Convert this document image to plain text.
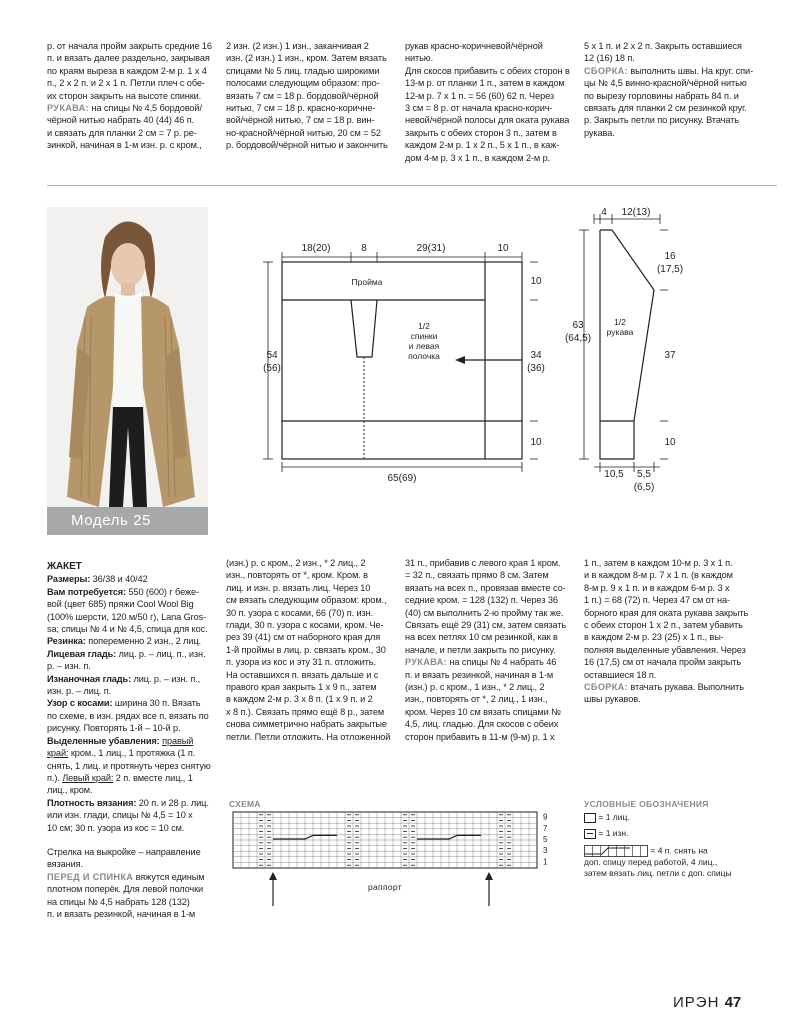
р. от начала пройм закрыть средние 16

п. и вязать далее раздельно, закрывая

по краям выреза в каждом 2-м р. 1 х 4

п., 2 х 2 п. и 2 х 1 п. Петли плеч с обе-

их сторон закрыть на высоте спинки.

РУКАВА: на спицы № 4,5 бордовой/

чёрной нитью набрать 40 (44) 46 п.

и связать для планки 2 см = 7 р. ре-

зинкой, начиная в 1-м изн. р. с кром.,

2 изн. (2 изн.) 1 изн., заканчивая 2

изн. (2 изн.) 1 изн., кром. Затем вязать

спицами № 5 лиц. гладью широкими

полосами следующим образом: про-

вязать 7 см = 18 р. бордовой/чёрной

нитью, 7 см = 18 р. красно-коричне-

вой/чёрной нитью, 7 см = 18 р. вин-

но-красной/чёрной нитью, 20 см = 52

р. бордовой/чёрной нитью и закончить

рукав красно-коричневой/чёрной нитью.

Для скосов прибавить с обеих сторон в

13-м р. от планки 1 п., затем в каждом

12-м р. 7 х 1 п. = 56 (60) 62 п. Через

3 см = 8 р. от начала красно-корич-

невой/чёрной полосы для оката рукава

закрыть с обеих сторон 3 п., затем в

каждом 2-м р. 1 х 2 п., 5 х 1 п., в каж-

дом 4-м р. 3 х 1 п., в каждом 2-м р.

5 х 1 п. и 2 х 2 п. Закрыть оставшиеся

12 (16) 18 п.

СБОРКА: выполнить швы. На круг. спи-

цы № 4,5 винно-красной/чёрной нитью

по вырезу горловины набрать 84 п. и

связать для планки 2 см резинкой круг.

р. Закрыть петли по рисунку. Втачать

рукава.

Модель 25
18(20)	8	29(31)	10
10
34
(36)
10
54
(56)
65(69)
Пройма
1/2
спинки
и левая
полочка
4 12(13)
16
(17,5)
37
10
63
(64,5)
10,5 5,5
(6,5)
1/2
рукава

ЖАКЕТ

Размеры: 36/38 и 40/42

Вам потребуется: 550 (600) г бежe-

вой (цвет 685) пряжи Cool Wool Big

(100% шерсти, 120 м/50 г), Lana Gros-

sa; спицы № 4 и № 4,5, спица для кос.

Резинка: попеременно 2 изн., 2 лиц.

Лицевая гладь: лиц. р. – лиц. п., изн.

р. – изн. п.

Изнаночная гладь: лиц. р. – изн. п.,

изн. р. – лиц. п.

Узор с косами: ширина 30 п. Вязать

по схеме, в изн. рядах все п. вязать по

рисунку. Повторять 1-й – 10-й р.

Выделенные убавления: правый

край: кром., 1 лиц., 1 протяжка (1 п.

снять, 1 лиц. и протянуть через снятую

п.). Левый край: 2 п. вместе лиц., 1

лиц., кром.

Плотность вязания: 20 п. и 28 р. лиц.

или изн. глади, спицы № 4,5 = 10 х

10 см; 30 п. узора из кос = 10 см.

Стрелка на выкройке – направление

вязания.

ПЕРЕД И СПИНКА вяжутся единым

плотном поперёк. Для левой полочки

на спицы № 4,5 набрать 128 (132)

п. и вязать резинкой, начиная в 1-м

(изн.) р. с кром., 2 изн., * 2 лиц., 2

изн., повторять от *, кром. Кром. в

лиц. и изн. р. вязать лиц. Через 10

см вязать следующим образом: кром.,

30 п. узора с косами, 66 (70) п. изн.

глади, 30 п. узора с косами, кром. Че-

рез 39 (41) см от наборного края для

1-й проймы в лиц. р. связать кром., 30

п. узора из кос и эту 31 п. отложить.

На оставшихся п. вязать дальше и с

правого края закрыть 1 х 9 п., затем

в каждом 2-м р. 3 х 8 п. (1 х 9 п. и 2

х 8 п.). Связать прямо ещё 8 р., затем

снова симметрично набрать закрытые

петли. Петли отложить. На отложенной

31 п., прибавив с левого края 1 кром.

= 32 п., связать прямо 8 см. Затем

вязать на всех п., провязав вместе со-

седние кром. = 128 (132) п. Через 36

(40) см выполнить 2-ю пройму так же.

Связать ещё 29 (31) см, затем связать

на всех петлях 10 см резинкой, как в

начале, и петли закрыть по рисунку.

РУКАВА: на спицы № 4 набрать 46

п. и вязать резинкой, начиная в 1-м

(изн.) р. с кром., 1 изн., * 2 лиц., 2

изн., повторять от *, 2 лиц., 1 изн.,

кром. Через 10 см вязать спицами №

4,5, лиц. гладью. Для скосов с обеих

сторон прибавить в 11-м (9-м) р. 1 х

1 п., затем в каждом 10-м р. 3 х 1 п.

и в каждом 8-м р. 7 х 1 п. (в каждом

8-м р. 9 х 1 п. и в каждом 6-м р. 3 х

1 п.) = 68 (72) п. Через 47 см от на-

борного края для оката рукава закрыть

с обеих сторон 1 х 2 п., затем убавить

в каждом 2-м р. 23 (25) х 1 п., вы-

полняя выделенные убавления. Через

16 (17,5) см от начала пройм закрыть

оставшиеся 18 п.

СБОРКА: втачать рукава. Выполнить

швы рукавов.

СХЕМА
9
7
5
3
1
раппорт
УСЛОВНЫЕ ОБОЗНАЧЕНИЯ
= 1 лиц.
= 1 изн.
= 4 п. снять на
доп. спицу перед работой, 4 лиц.,
затем вязать лиц. петли с доп. спицы
ИРЭН 47
